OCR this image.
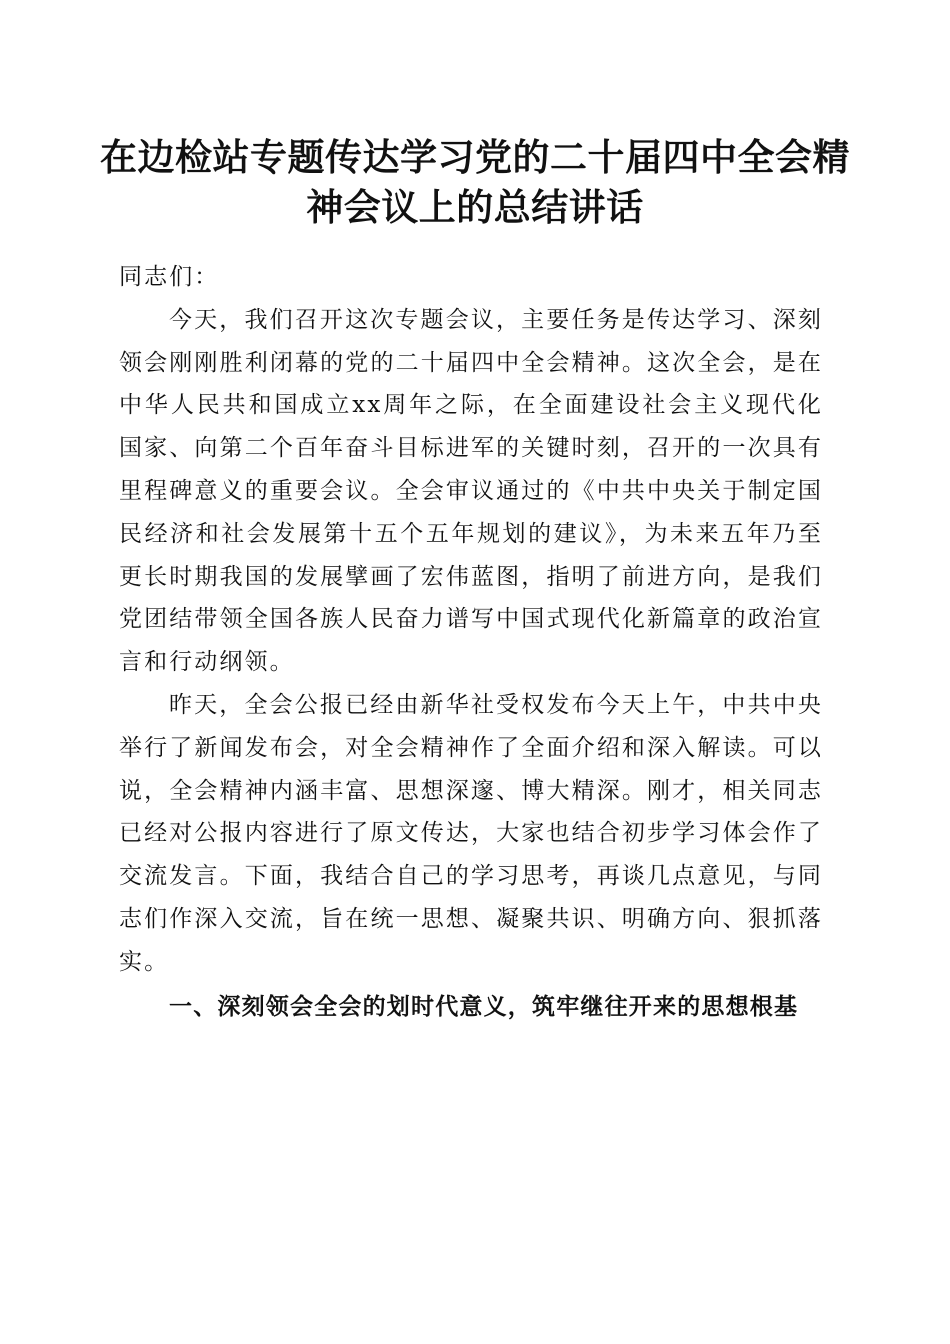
在边检站专题传达学习党的二十届四中全会精
神会议上的总结讲话

同志们：

今天，我们召开这次专题会议，主要任务是传达学习、深刻领会刚刚胜利闭幕的党的二十届四中全会精神。这次全会，是在中华人民共和国成立xx周年之际，在全面建设社会主义现代化国家、向第二个百年奋斗目标进军的关键时刻，召开的一次具有里程碑意义的重要会议。全会审议通过的《中共中央关于制定国民经济和社会发展第十五个五年规划的建议》，为未来五年乃至更长时期我国的发展擘画了宏伟蓝图，指明了前进方向，是我们党团结带领全国各族人民奋力谱写中国式现代化新篇章的政治宣言和行动纲领。

昨天，全会公报已经由新华社受权发布今天上午，中共中央举行了新闻发布会，对全会精神作了全面介绍和深入解读。可以说，全会精神内涵丰富、思想深邃、博大精深。刚才，相关同志已经对公报内容进行了原文传达，大家也结合初步学习体会作了交流发言。下面，我结合自己的学习思考，再谈几点意见，与同志们作深入交流，旨在统一思想、凝聚共识、明确方向、狠抓落实。

一、深刻领会全会的划时代意义，筑牢继往开来的思想根基
